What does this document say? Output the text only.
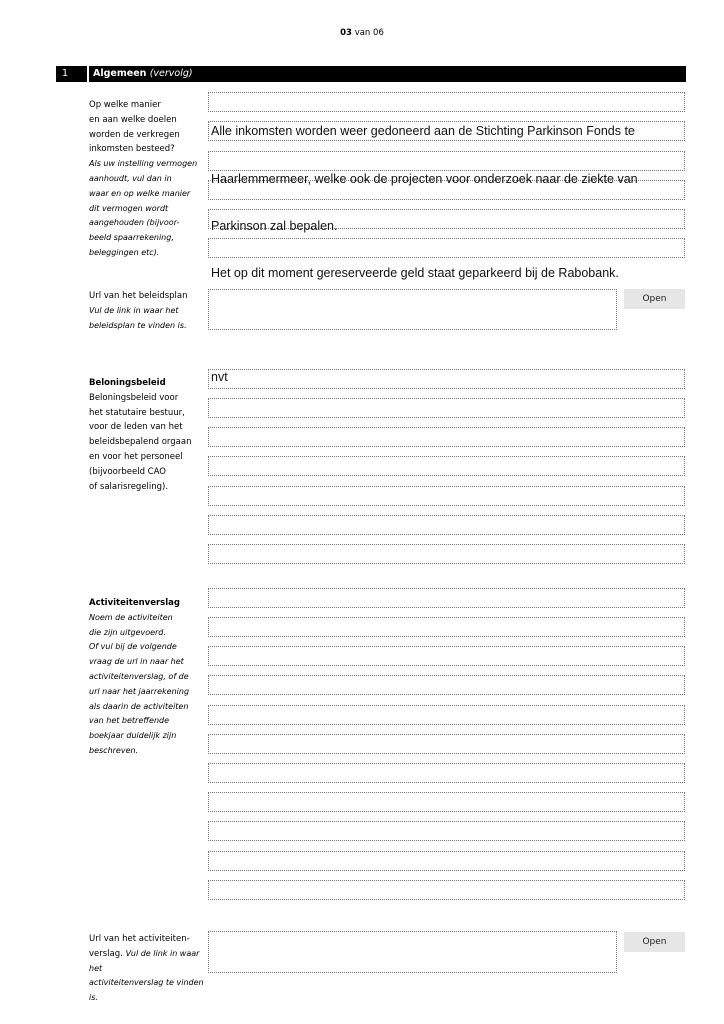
03 van 06
1	Algemeen (vervolg)
Op welke manier
en aan welke doelen
worden de verkregen
inkomsten besteed?
Als uw instelling vermogen
aanhoudt, vul dan in
waar en op welke manier
dit vermogen wordt
aangehouden (bijvoor-
beeld spaarrekening,
beleggingen etc).

Alle inkomsten worden weer gedoneerd aan de Stichting Parkinson Fonds te

Haarlemmermeer, welke ook de projecten voor onderzoek naar de ziekte van

Parkinson zal bepalen.

Het op dit moment gereserveerde geld staat geparkeerd bij de Rabobank.

Url van het beleidsplan
Vul de link in waar het
beleidsplan te vinden is.
Open
Beloningsbeleid
Beloningsbeleid voor
het statutaire bestuur,
voor de leden van het
beleidsbepalend orgaan
en voor het personeel
(bijvoorbeeld CAO
of salarisregeling).
nvt
Activiteitenverslag
Noem de activiteiten
die zijn uitgevoerd.
Of vul bij de volgende
vraag de url in naar het
activiteitenverslag, of de
url naar het jaarrekening
als daarin de activiteiten
van het betreffende
boekjaar duidelijk zijn
beschreven.
Url van het activiteiten-
verslag. Vul de link in waar het
activiteitenverslag te vinden is.
Open
